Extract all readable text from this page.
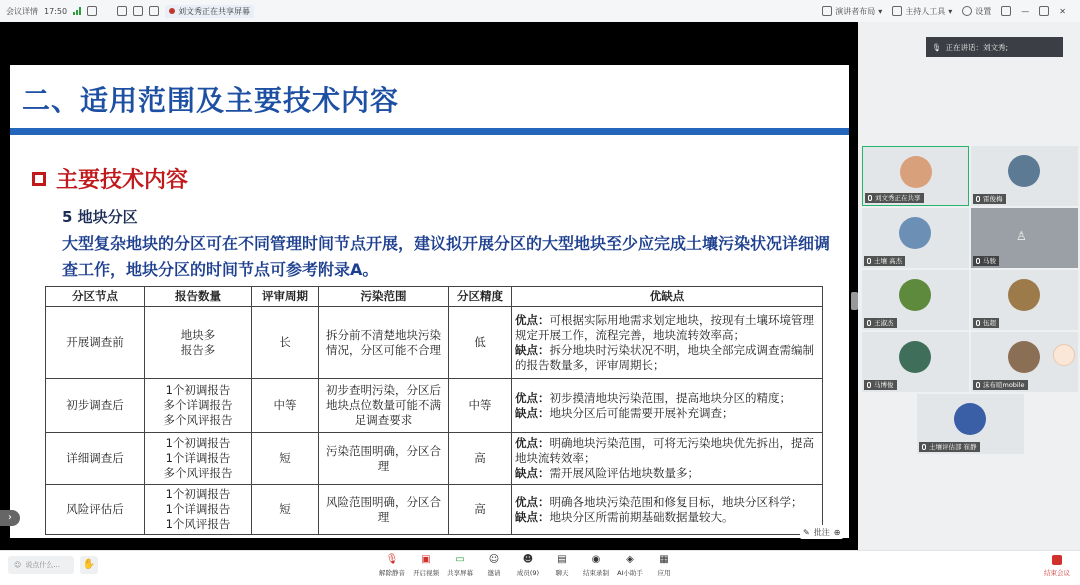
会议详情 17:50	刘文秀正在共享屏幕	演讲者布局 ▾	主持人工具 ▾	设置	—	✕
二、适用范围及主要技术内容
主要技术内容
5 地块分区
大型复杂地块的分区可在不同管理时间节点开展，建议拟开展分区的大型地块至少应完成土壤污染状况详细调查工作，地块分区的时间节点可参考附录A。
分区节点	报告数量	评审周期	污染范围	分区精度	优缺点
开展调查前	地块多
报告多	长	拆分前不清楚地块污染情况，分区可能不合理	低	优点：可根据实际用地需求划定地块，按现有土壤环境管理规定开展工作，流程完善，地块流转效率高；
缺点：拆分地块时污染状况不明，地块全部完成调查需编制的报告数量多，评审周期长；

初步调查后	1个初调报告
多个详调报告
多个风评报告	中等	初步查明污染，分区后地块点位数量可能不满足调查要求	中等	优点：初步摸清地块污染范围，提高地块分区的精度；
缺点：地块分区后可能需要开展补充调查；

详细调查后	1个初调报告
1个详调报告
多个风评报告	短	污染范围明确，分区合理	高	优点：明确地块污染范围，可将无污染地块优先拆出，提高地块流转效率；
缺点：需开展风险评估地块数量多；

风险评估后	1个初调报告
1个详调报告
1个风评报告	短	风险范围明确，分区合理	高	优点：明确各地块污染范围和修复目标，地块分区科学；
缺点：地块分区所需前期基础数据量较大。
✎ 批注 ⊕
›
🎙 正在讲话：刘文秀;
刘文秀正在共享	雷俊梅
土壤 高杰
♙
马骏
王淑杰	伍超
马博俊	沫布暄mobile
土壤评估部 崔静
☺ 说点什么... ✋	🎙
解除静音
▣
开启视频
▭
共享屏幕
☺
邀请
☻
成员(9)
▤
聊天
◉
结束录制
◈
AI小助手
▦
应用	结束会议
